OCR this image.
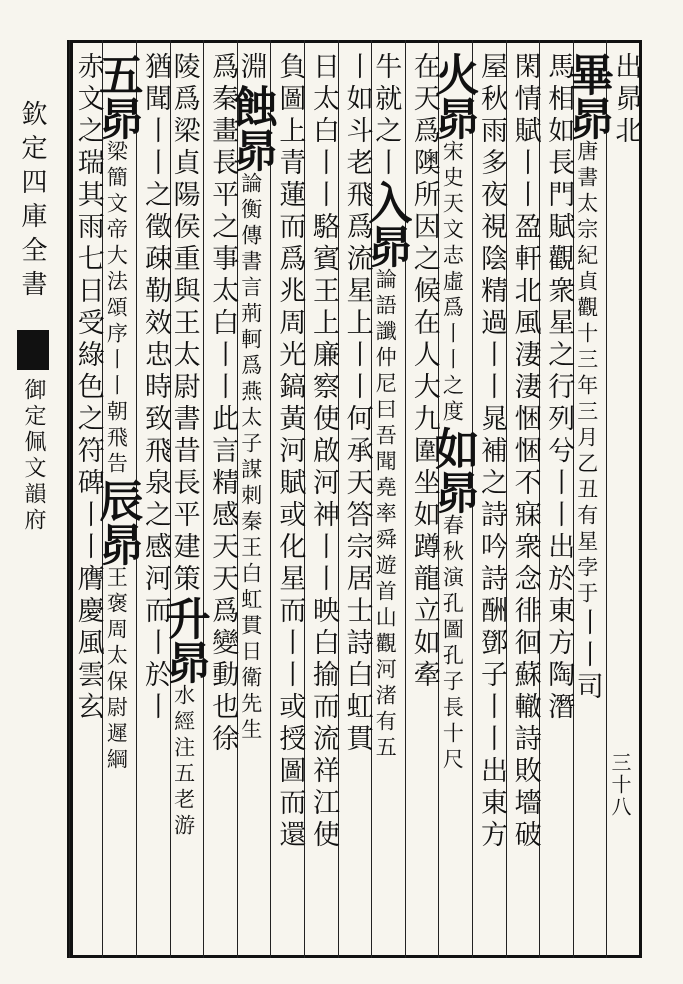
欽定四庫全書
御定佩文韻府
出昴北
畢昴唐書太宗紀貞觀十三年三月乙丑有星孛于丨丨司
馬相如長門賦觀衆星之行列兮丨丨出於東方陶潛
閑情賦丨丨盈軒北風淒淒悃悃不寐衆念徘徊蘇轍詩敗墻破
屋秋雨多夜視陰精過丨丨晁補之詩吟詩酬鄧子丨丨出東方
火昴宋史天文志虛爲丨丨之度如昴春秋演孔圖孔子長十尺
在天爲隩所因之候在人大九圍坐如蹲龍立如牽
牛就之丨入昴論語讖仲尼曰吾聞堯率舜遊首山觀河渚有五
丨如斗老飛爲流星上丨丨何承天答宗居士詩白虹貫
日太白丨丨駱賓王上廉察使啟河神丨丨映白揄而流祥江使
負圖上青蓮而爲兆周光鎬黃河賦或化星而丨丨或授圖而還
淵蝕昴論衡傳書言荊軻爲燕太子謀刺秦王白虹貫日衛先生
爲秦畫長平之事太白丨丨此言精感天天爲變動也徐
陵爲梁貞陽侯重與王太尉書昔長平建策升昴水經注五老游
猶聞丨丨之徵疎勒效忠時致飛泉之感河而丨於丨
五昴梁簡文帝大法頌序丨丨朝飛告辰昴王褒周太保尉遲綱
赤文之瑞其雨七日受綠色之符碑丨丨膺慶風雲玄
三十八
